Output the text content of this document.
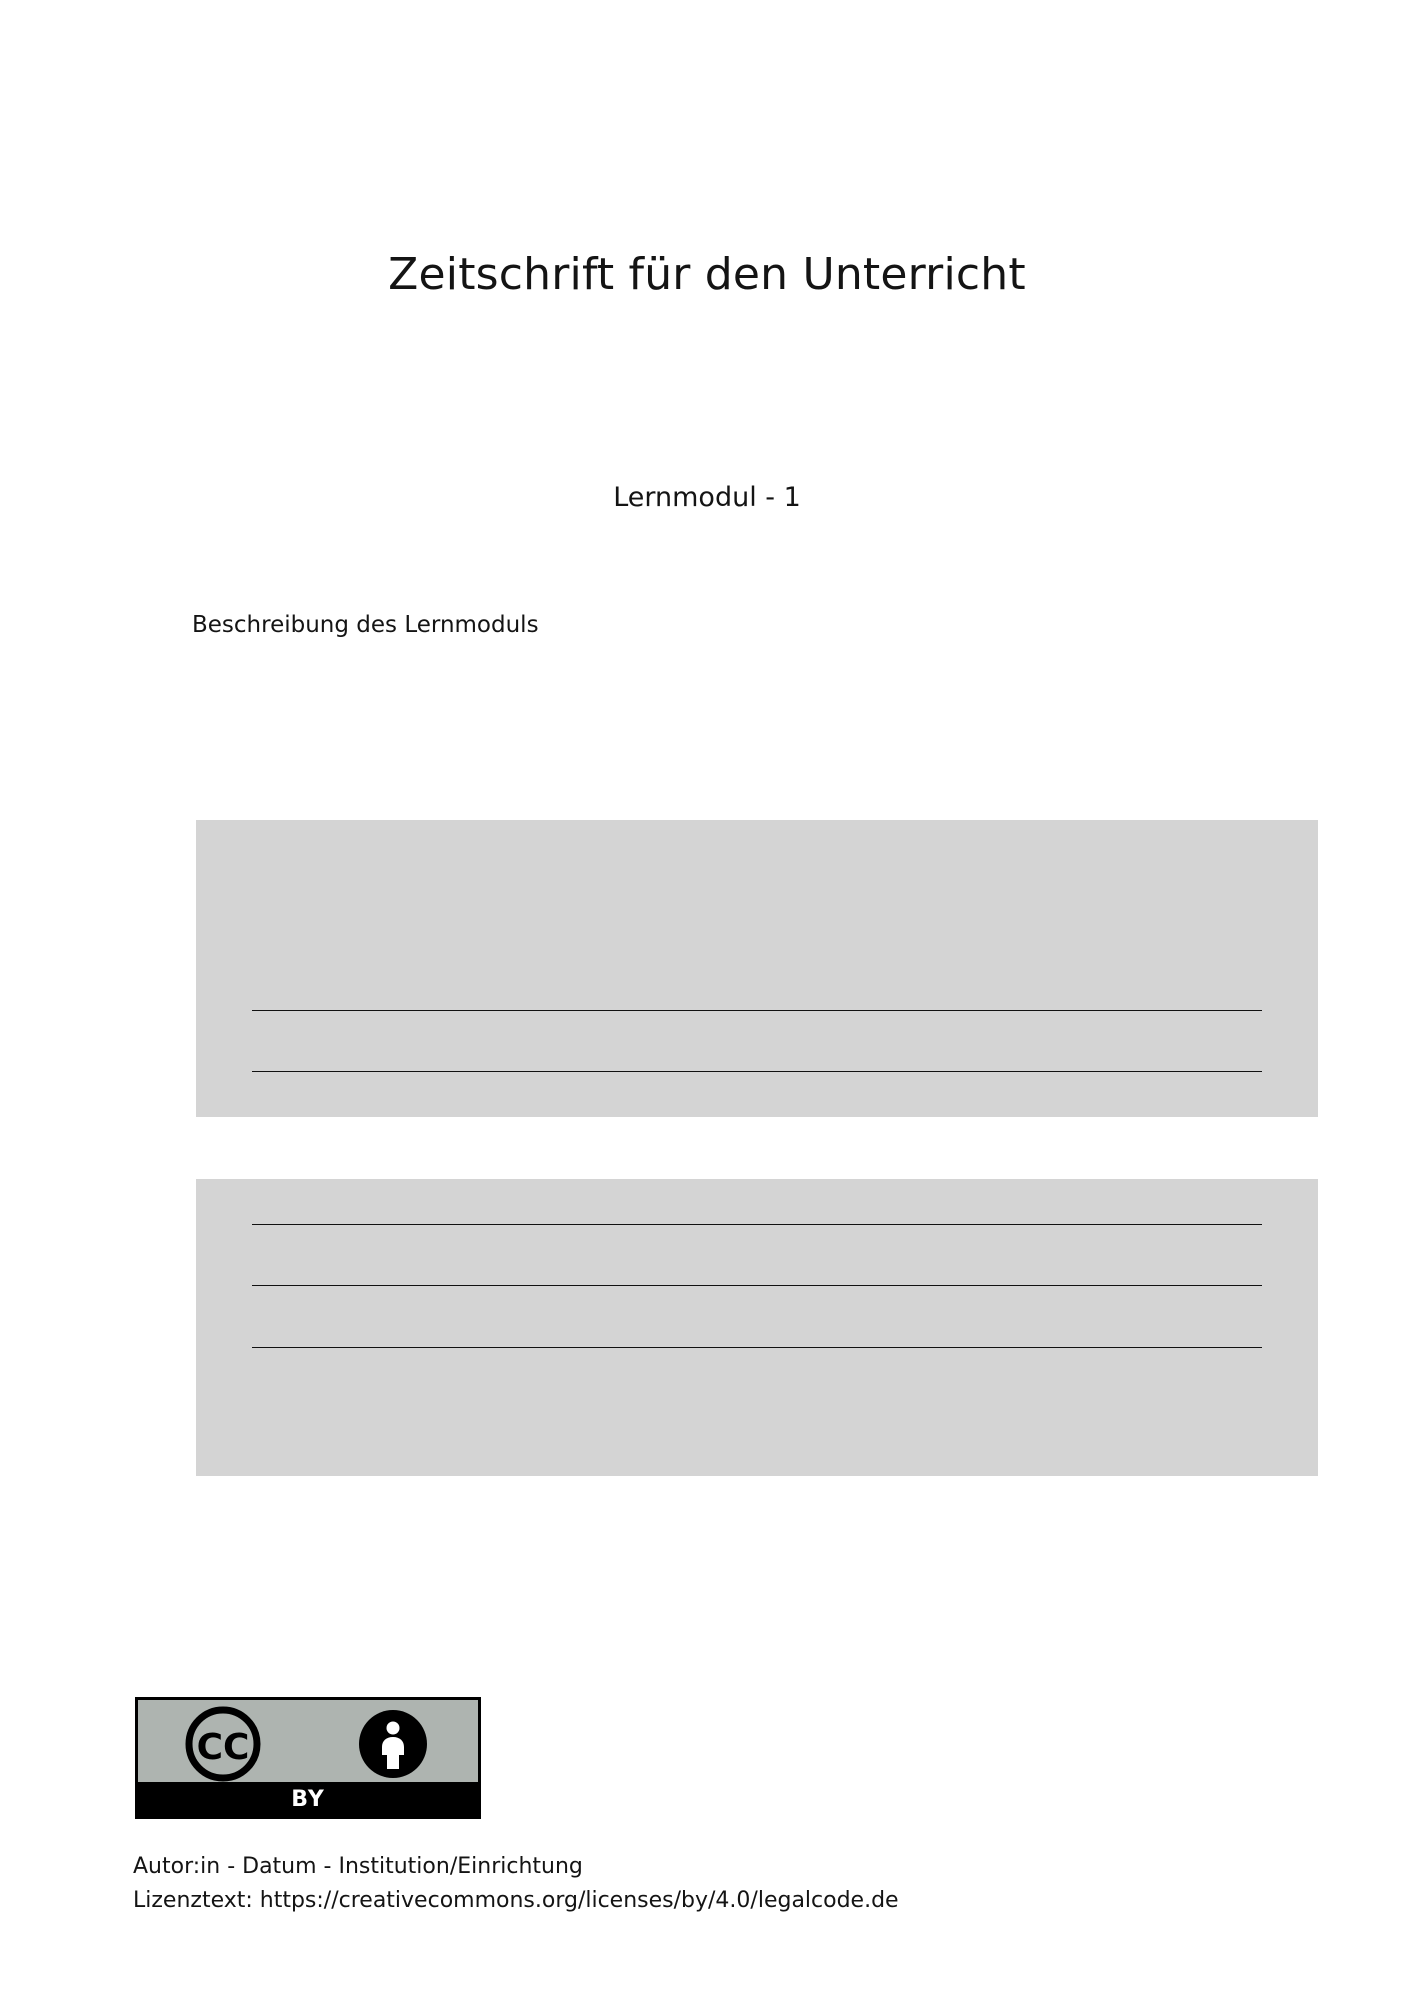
Zeitschrift für den Unterricht
Lernmodul - 1
Beschreibung des Lernmoduls
CC
BY
Autor:in - Datum - Institution/Einrichtung
Lizenztext: https://creativecommons.org/licenses/by/4.0/legalcode.de
